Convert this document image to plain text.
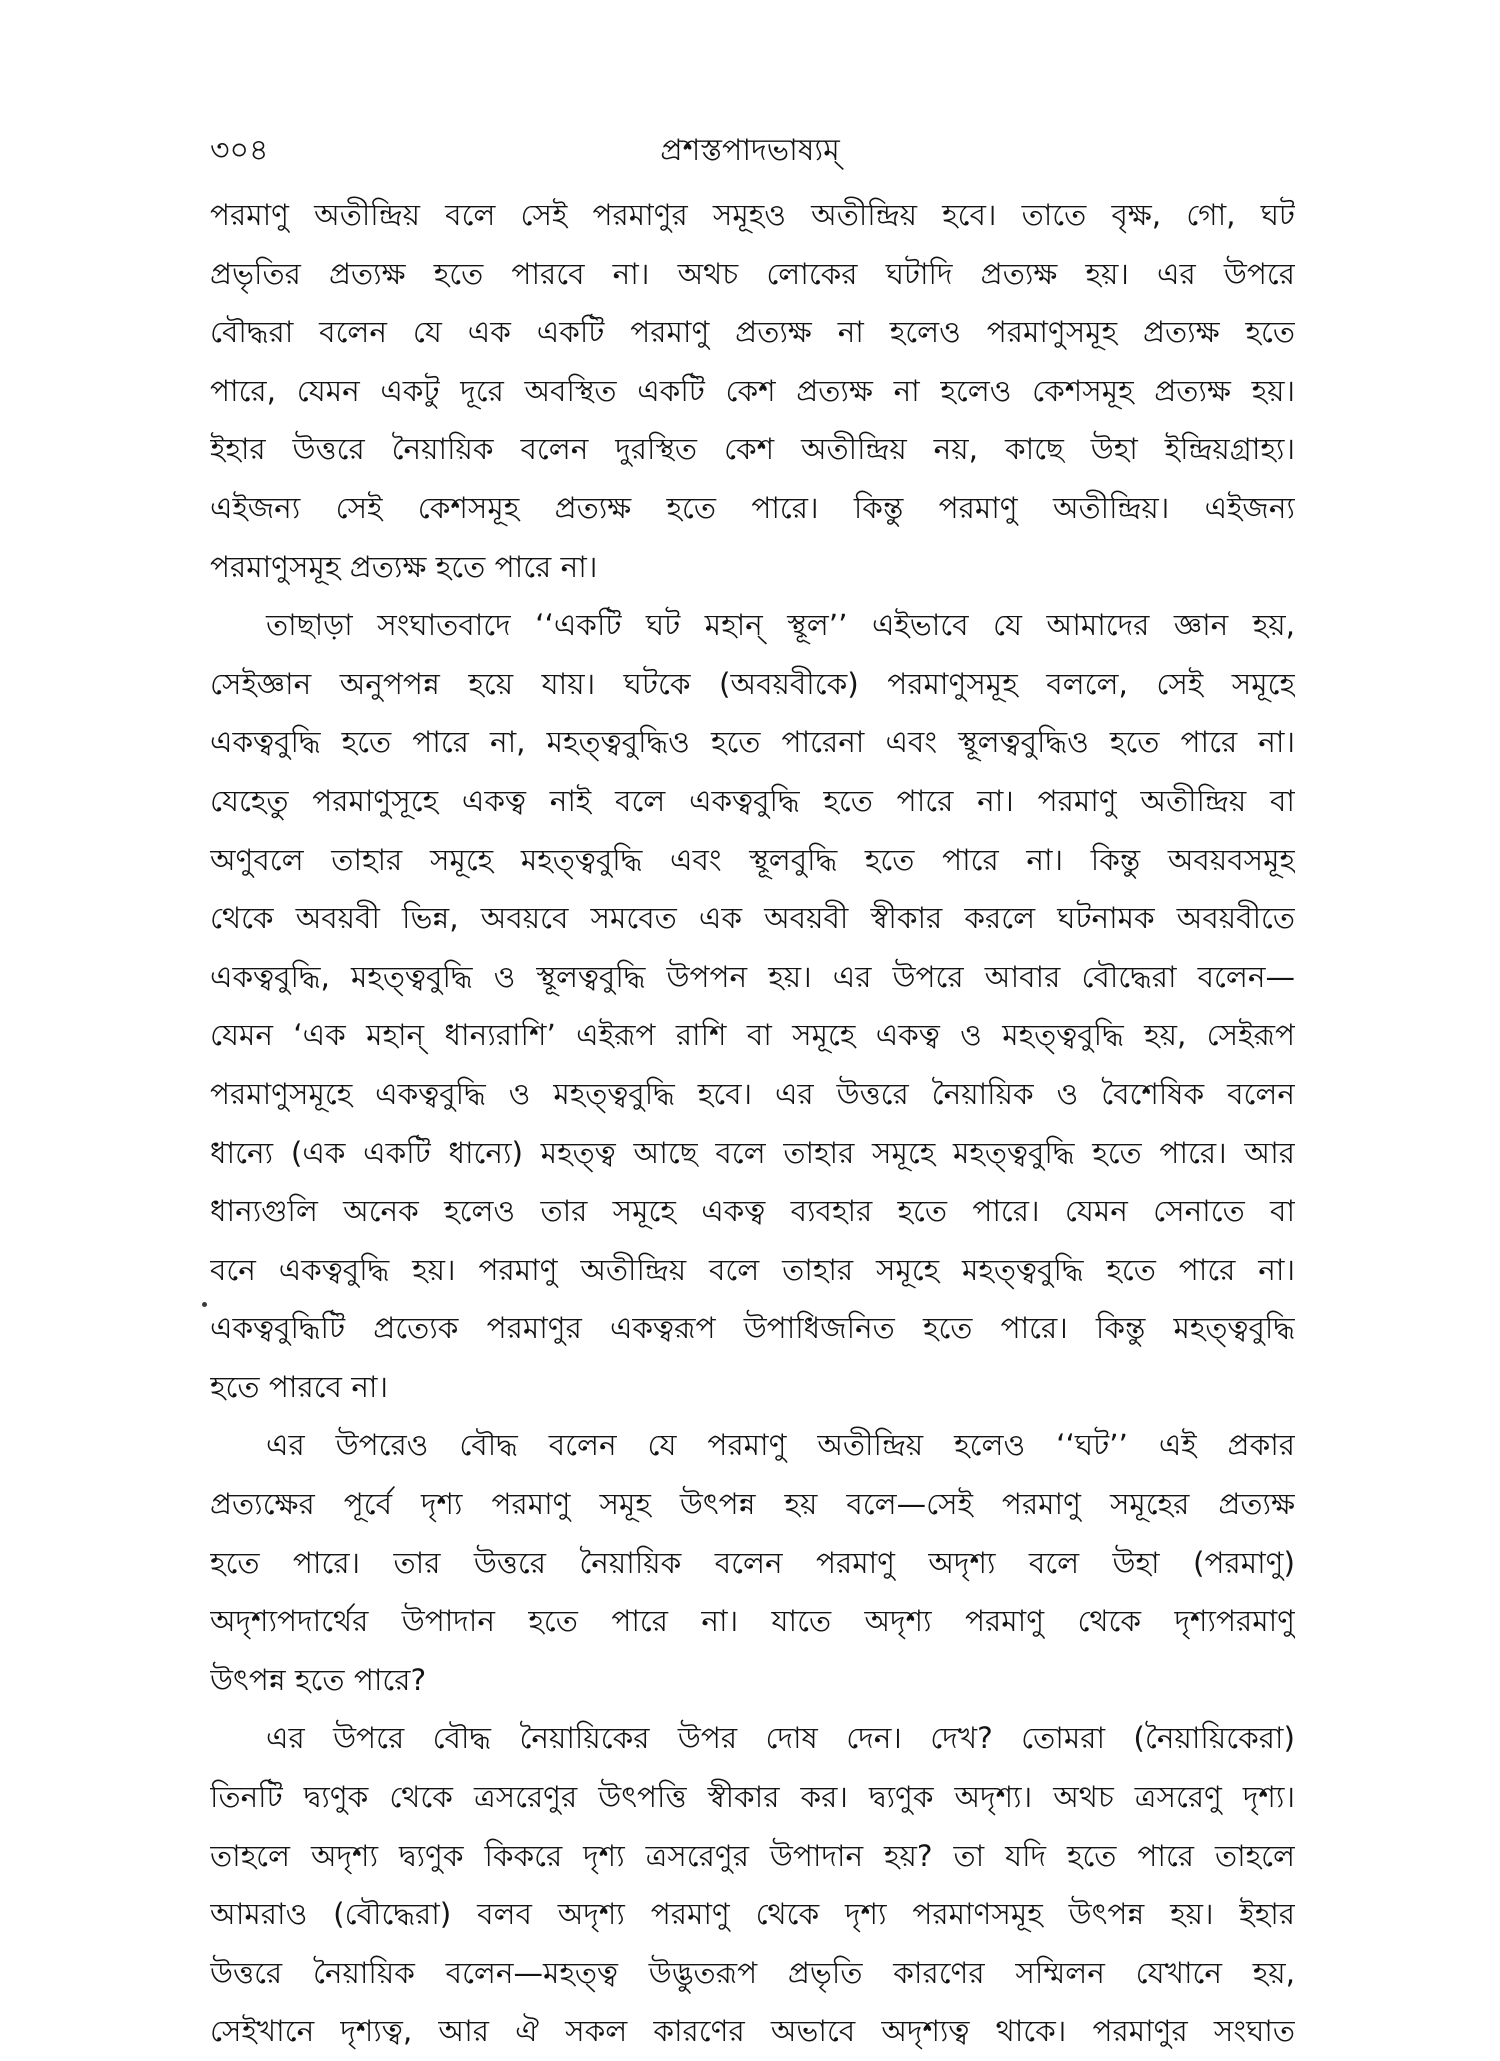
৩০৪	প্রশস্তপাদভাষ্যম্
পরমাণু অতীন্দ্রিয় বলে সেই পরমাণুর সমূহও অতীন্দ্রিয় হবে। তাতে বৃক্ষ, গো, ঘট
প্রভৃতির প্রত্যক্ষ হতে পারবে না। অথচ লোকের ঘটাদি প্রত্যক্ষ হয়। এর উপরে
বৌদ্ধরা বলেন যে এক একটি পরমাণু প্রত্যক্ষ না হলেও পরমাণুসমূহ প্রত্যক্ষ হতে
পারে, যেমন একটু দূরে অবস্থিত একটি কেশ প্রত্যক্ষ না হলেও কেশসমূহ প্রত্যক্ষ হয়।
ইহার উত্তরে নৈয়ায়িক বলেন দুরস্থিত কেশ অতীন্দ্রিয় নয়, কাছে উহা ইন্দ্রিয়গ্রাহ্য।
এইজন্য সেই কেশসমূহ প্রত্যক্ষ হতে পারে। কিন্তু পরমাণু অতীন্দ্রিয়। এইজন্য
পরমাণুসমূহ প্রত্যক্ষ হতে পারে না।
তাছাড়া সংঘাতবাদে ‘‘একটি ঘট মহান্ স্থূল’’ এইভাবে যে আমাদের জ্ঞান হয়,
সেইজ্ঞান অনুপপন্ন হয়ে যায়। ঘটকে (অবয়বীকে) পরমাণুসমূহ বললে, সেই সমূহে
একত্ববুদ্ধি হতে পারে না, মহত্ত্ববুদ্ধিও হতে পারেনা এবং স্থূলত্ববুদ্ধিও হতে পারে না।
যেহেতু পরমাণুসূহে একত্ব নাই বলে একত্ববুদ্ধি হতে পারে না। পরমাণু অতীন্দ্রিয় বা
অণুবলে তাহার সমূহে মহত্ত্ববুদ্ধি এবং স্থূলবুদ্ধি হতে পারে না। কিন্তু অবয়বসমূহ
থেকে অবয়বী ভিন্ন, অবয়বে সমবেত এক অবয়বী স্বীকার করলে ঘটনামক অবয়বীতে
একত্ববুদ্ধি, মহত্ত্ববুদ্ধি ও স্থূলত্ববুদ্ধি উপপন হয়। এর উপরে আবার বৌদ্ধেরা বলেন—
যেমন ‘এক মহান্ ধান্যরাশি’ এইরূপ রাশি বা সমূহে একত্ব ও মহত্ত্ববুদ্ধি হয়, সেইরূপ
পরমাণুসমূহে একত্ববুদ্ধি ও মহত্ত্ববুদ্ধি হবে। এর উত্তরে নৈয়ায়িক ও বৈশেষিক বলেন
ধান্যে (এক একটি ধান্যে) মহত্ত্ব আছে বলে তাহার সমূহে মহত্ত্ববুদ্ধি হতে পারে। আর
ধান্যগুলি অনেক হলেও তার সমূহে একত্ব ব্যবহার হতে পারে। যেমন সেনাতে বা
বনে একত্ববুদ্ধি হয়। পরমাণু অতীন্দ্রিয় বলে তাহার সমূহে মহত্ত্ববুদ্ধি হতে পারে না।
একত্ববুদ্ধিটি প্রত্যেক পরমাণুর একত্বরূপ উপাধিজনিত হতে পারে। কিন্তু মহত্ত্ববুদ্ধি
হতে পারবে না।
এর উপরেও বৌদ্ধ বলেন যে পরমাণু অতীন্দ্রিয় হলেও ‘‘ঘট’’ এই প্রকার
প্রত্যক্ষের পূর্বে দৃশ্য পরমাণু সমূহ উৎপন্ন হয় বলে—সেই পরমাণু সমূহের প্রত্যক্ষ
হতে পারে। তার উত্তরে নৈয়ায়িক বলেন পরমাণু অদৃশ্য বলে উহা (পরমাণু)
অদৃশ্যপদার্থের উপাদান হতে পারে না। যাতে অদৃশ্য পরমাণু থেকে দৃশ্যপরমাণু
উৎপন্ন হতে পারে?
এর উপরে বৌদ্ধ নৈয়ায়িকের উপর দোষ দেন। দেখ? তোমরা (নৈয়ায়িকেরা)
তিনটি দ্ব্যণুক থেকে ত্রসরেণুর উৎপত্তি স্বীকার কর। দ্ব্যণুক অদৃশ্য। অথচ ত্রসরেণু দৃশ্য।
তাহলে অদৃশ্য দ্ব্যণুক কিকরে দৃশ্য ত্রসরেণুর উপাদান হয়? তা যদি হতে পারে তাহলে
আমরাও (বৌদ্ধেরা) বলব অদৃশ্য পরমাণু থেকে দৃশ্য পরমাণসমূহ উৎপন্ন হয়। ইহার
উত্তরে নৈয়ায়িক বলেন—মহত্ত্ব উদ্ভুতরূপ প্রভৃতি কারণের সম্মিলন যেখানে হয়,
সেইখানে দৃশ্যত্ব, আর ঐ সকল কারণের অভাবে অদৃশ্যত্ব থাকে। পরমাণুর সংঘাত
